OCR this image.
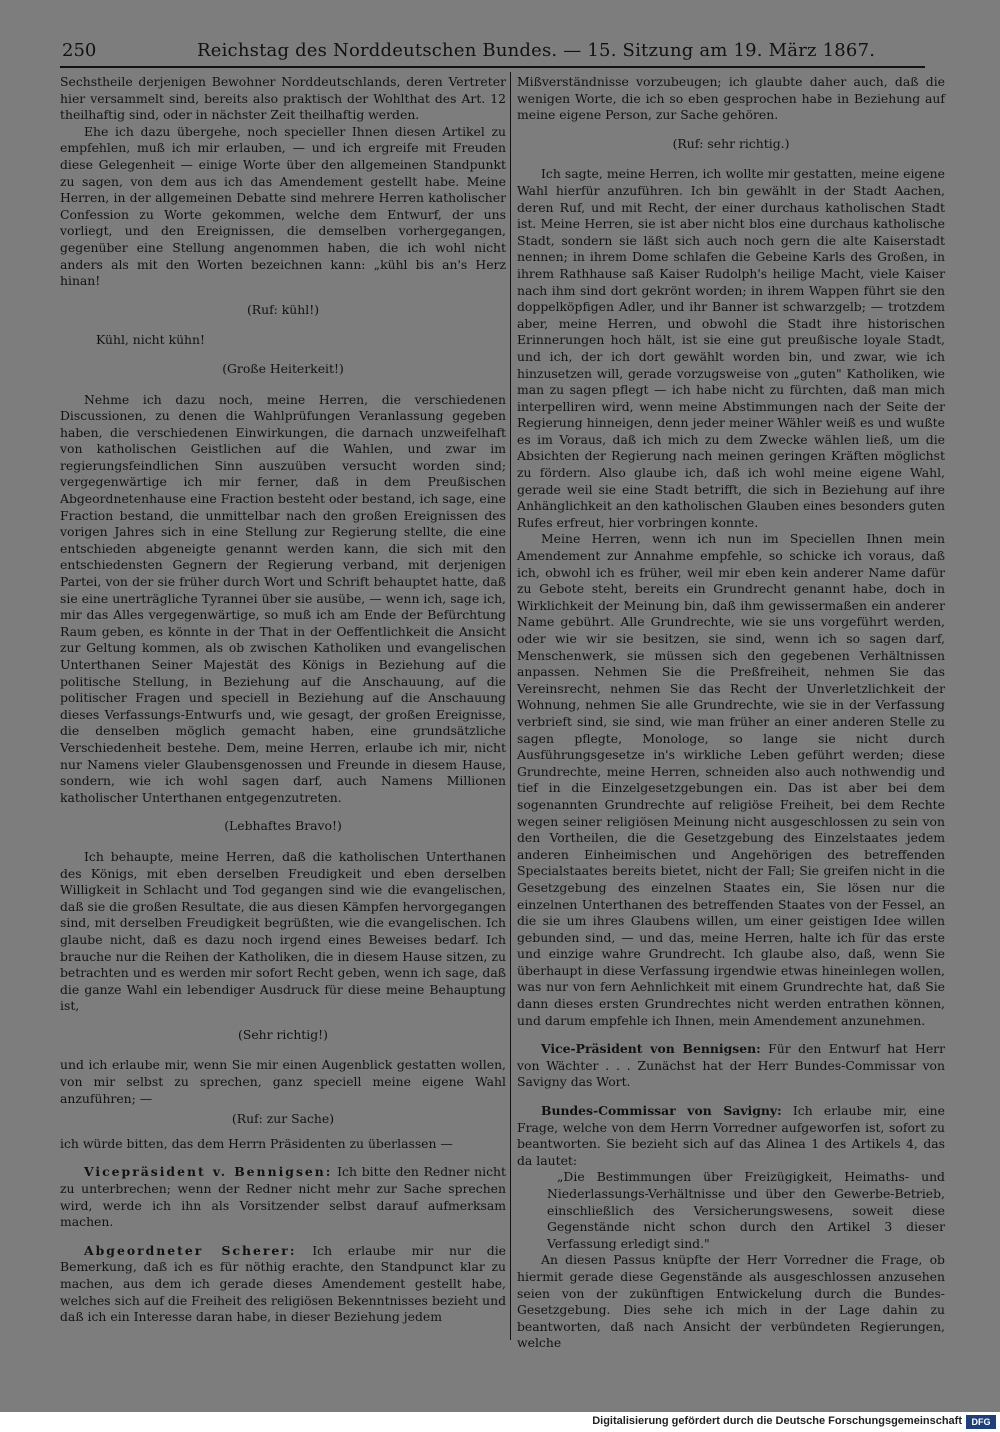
250	Reichstag des Norddeutschen Bundes. — 15. Sitzung am 19. März 1867.

Sechstheile derjenigen Bewohner Norddeutschlands, deren Vertreter hier versammelt sind, bereits also praktisch der Wohlthat des Art. 12 theilhaftig sind, oder in nächster Zeit theilhaftig werden.

Ehe ich dazu übergehe, noch specieller Ihnen diesen Artikel zu empfehlen, muß ich mir erlauben, — und ich ergreife mit Freuden diese Gelegenheit — einige Worte über den allgemeinen Standpunkt zu sagen, von dem aus ich das Amendement gestellt habe. Meine Herren, in der allgemeinen Debatte sind mehrere Herren katholischer Confession zu Worte gekommen, welche dem Entwurf, der uns vorliegt, und den Ereignissen, die demselben vorhergegangen, gegenüber eine Stellung angenommen haben, die ich wohl nicht anders als mit den Worten bezeichnen kann: „kühl bis an's Herz hinan!

(Ruf: kühl!)

Kühl, nicht kühn!

(Große Heiterkeit!)

Nehme ich dazu noch, meine Herren, die verschiedenen Discussionen, zu denen die Wahlprüfungen Veranlassung gegeben haben, die verschiedenen Einwirkungen, die darnach unzweifelhaft von katholischen Geistlichen auf die Wahlen, und zwar im regierungsfeindlichen Sinn auszuüben versucht worden sind; vergegenwärtige ich mir ferner, daß in dem Preußischen Abgeordnetenhause eine Fraction besteht oder bestand, ich sage, eine Fraction bestand, die unmittelbar nach den großen Ereignissen des vorigen Jahres sich in eine Stellung zur Regierung stellte, die eine entschieden abgeneigte genannt werden kann, die sich mit den entschiedensten Gegnern der Regierung verband, mit derjenigen Partei, von der sie früher durch Wort und Schrift behauptet hatte, daß sie eine unerträgliche Tyrannei über sie ausübe, — wenn ich, sage ich, mir das Alles vergegenwärtige, so muß ich am Ende der Befürchtung Raum geben, es könnte in der That in der Oeffentlichkeit die Ansicht zur Geltung kommen, als ob zwischen Katholiken und evangelischen Unterthanen Seiner Majestät des Königs in Beziehung auf die politische Stellung, in Beziehung auf die Anschauung, auf die politischer Fragen und speciell in Beziehung auf die Anschauung dieses Verfassungs-Entwurfs und, wie gesagt, der großen Ereignisse, die denselben möglich gemacht haben, eine grundsätzliche Verschiedenheit bestehe. Dem, meine Herren, erlaube ich mir, nicht nur Namens vieler Glaubensgenossen und Freunde in diesem Hause, sondern, wie ich wohl sagen darf, auch Namens Millionen katholischer Unterthanen entgegenzutreten.

(Lebhaftes Bravo!)

Ich behaupte, meine Herren, daß die katholischen Unterthanen des Königs, mit eben derselben Freudigkeit und eben derselben Willigkeit in Schlacht und Tod gegangen sind wie die evangelischen, daß sie die großen Resultate, die aus diesen Kämpfen hervorgegangen sind, mit derselben Freudigkeit begrüßten, wie die evangelischen. Ich glaube nicht, daß es dazu noch irgend eines Beweises bedarf. Ich brauche nur die Reihen der Katholiken, die in diesem Hause sitzen, zu betrachten und es werden mir sofort Recht geben, wenn ich sage, daß die ganze Wahl ein lebendiger Ausdruck für diese meine Behauptung ist,

(Sehr richtig!)

und ich erlaube mir, wenn Sie mir einen Augenblick gestatten wollen, von mir selbst zu sprechen, ganz speciell meine eigene Wahl anzuführen; —

(Ruf: zur Sache)

ich würde bitten, das dem Herrn Präsidenten zu überlassen —

Vicepräsident v. Bennigsen: Ich bitte den Redner nicht zu unterbrechen; wenn der Redner nicht mehr zur Sache sprechen wird, werde ich ihn als Vorsitzender selbst darauf aufmerksam machen.

Abgeordneter Scherer: Ich erlaube mir nur die Bemerkung, daß ich es für nöthig erachte, den Standpunct klar zu machen, aus dem ich gerade dieses Amendement gestellt habe, welches sich auf die Freiheit des religiösen Bekenntnisses bezieht und daß ich ein Interesse daran habe, in dieser Beziehung jedem

Mißverständnisse vorzubeugen; ich glaubte daher auch, daß die wenigen Worte, die ich so eben gesprochen habe in Beziehung auf meine eigene Person, zur Sache gehören.

(Ruf: sehr richtig.)

Ich sagte, meine Herren, ich wollte mir gestatten, meine eigene Wahl hierfür anzuführen. Ich bin gewählt in der Stadt Aachen, deren Ruf, und mit Recht, der einer durchaus katholischen Stadt ist. Meine Herren, sie ist aber nicht blos eine durchaus katholische Stadt, sondern sie läßt sich auch noch gern die alte Kaiserstadt nennen; in ihrem Dome schlafen die Gebeine Karls des Großen, in ihrem Rathhause saß Kaiser Rudolph's heilige Macht, viele Kaiser nach ihm sind dort gekrönt worden; in ihrem Wappen führt sie den doppelköpfigen Adler, und ihr Banner ist schwarzgelb; — trotzdem aber, meine Herren, und obwohl die Stadt ihre historischen Erinnerungen hoch hält, ist sie eine gut preußische loyale Stadt, und ich, der ich dort gewählt worden bin, und zwar, wie ich hinzusetzen will, gerade vorzugsweise von „guten" Katholiken, wie man zu sagen pflegt — ich habe nicht zu fürchten, daß man mich interpelliren wird, wenn meine Abstimmungen nach der Seite der Regierung hinneigen, denn jeder meiner Wähler weiß es und wußte es im Voraus, daß ich mich zu dem Zwecke wählen ließ, um die Absichten der Regierung nach meinen geringen Kräften möglichst zu fördern. Also glaube ich, daß ich wohl meine eigene Wahl, gerade weil sie eine Stadt betrifft, die sich in Beziehung auf ihre Anhänglichkeit an den katholischen Glauben eines besonders guten Rufes erfreut, hier vorbringen konnte.

Meine Herren, wenn ich nun im Speciellen Ihnen mein Amendement zur Annahme empfehle, so schicke ich voraus, daß ich, obwohl ich es früher, weil mir eben kein anderer Name dafür zu Gebote steht, bereits ein Grundrecht genannt habe, doch in Wirklichkeit der Meinung bin, daß ihm gewissermaßen ein anderer Name gebührt. Alle Grundrechte, wie sie uns vorgeführt werden, oder wie wir sie besitzen, sie sind, wenn ich so sagen darf, Menschenwerk, sie müssen sich den gegebenen Verhältnissen anpassen. Nehmen Sie die Preßfreiheit, nehmen Sie das Vereinsrecht, nehmen Sie das Recht der Unverletzlichkeit der Wohnung, nehmen Sie alle Grundrechte, wie sie in der Verfassung verbrieft sind, sie sind, wie man früher an einer anderen Stelle zu sagen pflegte, Monologe, so lange sie nicht durch Ausführungsgesetze in's wirkliche Leben geführt werden; diese Grundrechte, meine Herren, schneiden also auch nothwendig und tief in die Einzelgesetzgebungen ein. Das ist aber bei dem sogenannten Grundrechte auf religiöse Freiheit, bei dem Rechte wegen seiner religiösen Meinung nicht ausgeschlossen zu sein von den Vortheilen, die die Gesetzgebung des Einzelstaates jedem anderen Einheimischen und Angehörigen des betreffenden Specialstaates bereits bietet, nicht der Fall; Sie greifen nicht in die Gesetzgebung des einzelnen Staates ein, Sie lösen nur die einzelnen Unterthanen des betreffenden Staates von der Fessel, an die sie um ihres Glaubens willen, um einer geistigen Idee willen gebunden sind, — und das, meine Herren, halte ich für das erste und einzige wahre Grundrecht. Ich glaube also, daß, wenn Sie überhaupt in diese Verfassung irgendwie etwas hineinlegen wollen, was nur von fern Aehnlichkeit mit einem Grundrechte hat, daß Sie dann dieses ersten Grundrechtes nicht werden entrathen können, und darum empfehle ich Ihnen, mein Amendement anzunehmen.

Vice-Präsident von Bennigsen: Für den Entwurf hat Herr von Wächter . . . Zunächst hat der Herr Bundes-Commissar von Savigny das Wort.

Bundes-Commissar von Savigny: Ich erlaube mir, eine Frage, welche von dem Herrn Vorredner aufgeworfen ist, sofort zu beantworten. Sie bezieht sich auf das Alinea 1 des Artikels 4, das da lautet:

„Die Bestimmungen über Freizügigkeit, Heimaths- und Niederlassungs-Verhältnisse und über den Gewerbe-Betrieb, einschließlich des Versicherungswesens, soweit diese Gegenstände nicht schon durch den Artikel 3 dieser Verfassung erledigt sind."

An diesen Passus knüpfte der Herr Vorredner die Frage, ob hiermit gerade diese Gegenstände als ausgeschlossen anzusehen seien von der zukünftigen Entwickelung durch die Bundes-Gesetzgebung. Dies sehe ich mich in der Lage dahin zu beantworten, daß nach Ansicht der verbündeten Regierungen, welche

Digitalisierung gefördert durch die Deutsche Forschungsgemeinschaft	DFG
